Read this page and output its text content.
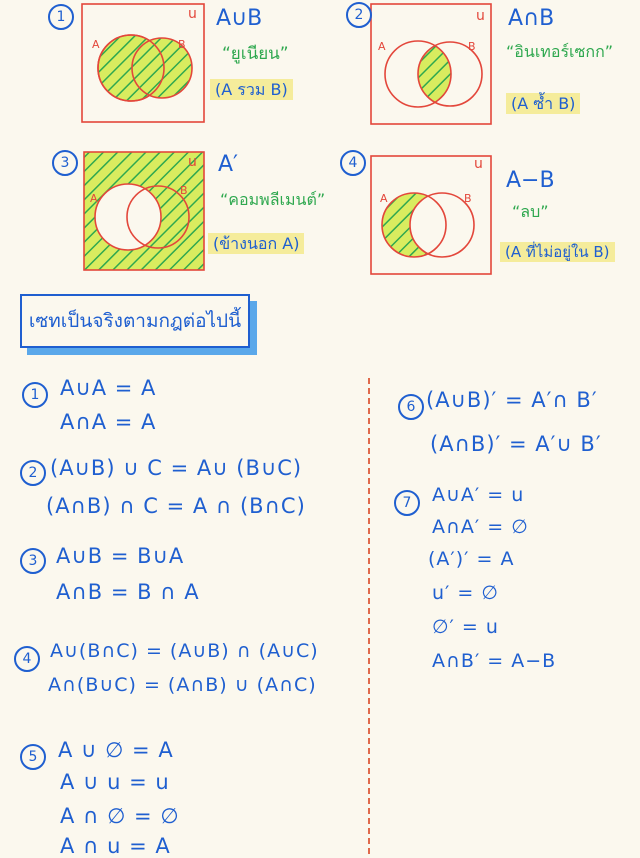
1	u
A	B
2	u
A	B
3	u
A
B
4	u
A	B
A∪B
“ยูเนียน”
(A รวม B)
A∩B
“อินเทอร์เซกก”
(A ซ้ำ B)
A′
“คอมพลีเมนต์”
(ข้างนอก A)
A−B
“ลบ”
(A ที่ไม่อยู่ใน B)
เซทเป็นจริงตามกฎต่อไปนี้
1 A∪A = A
A∩A = A
2 (A∪B) ∪ C = A∪ (B∪C)
(A∩B) ∩ C = A ∩ (B∩C)
3 A∪B = B∪A
A∩B = B ∩ A
4 A∪(B∩C) = (A∪B) ∩ (A∪C)
A∩(B∪C) = (A∩B) ∪ (A∩C)
5 A ∪ ∅ = A
A ∪ u = u
A ∩ ∅ = ∅
A ∩ u = A
6 (A∪B)′ = A′∩ B′
(A∩B)′ = A′∪ B′
7	A∪A′ = u
A∩A′ = ∅
(A′)′ = A
u′ = ∅
∅′ = u
A∩B′ = A−B
